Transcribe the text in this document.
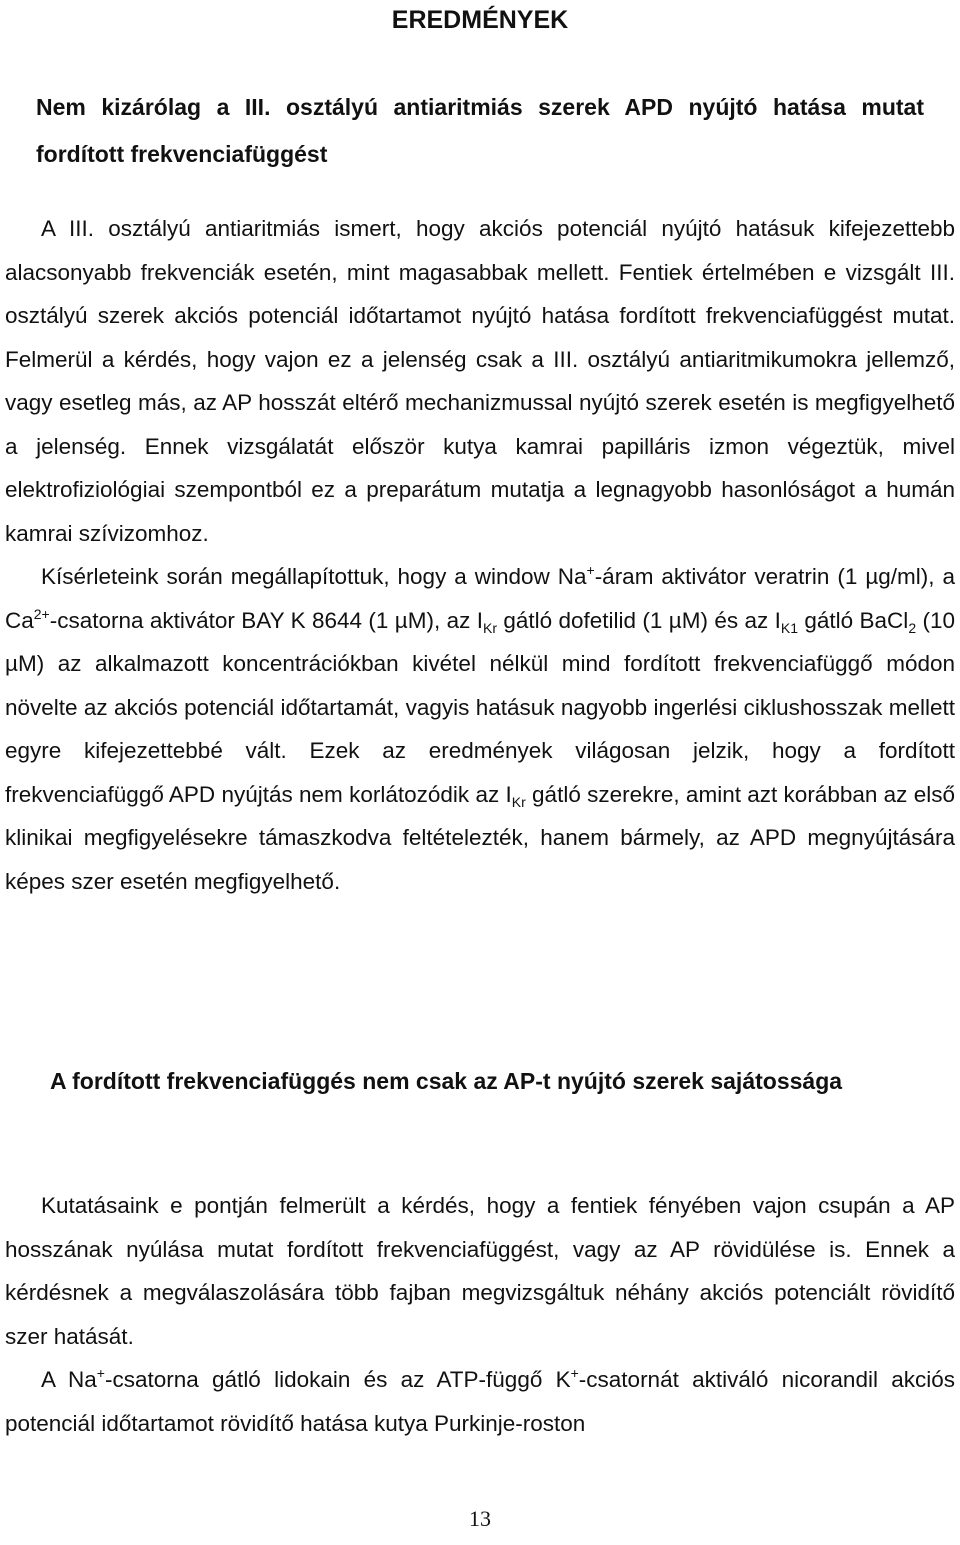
EREDMÉNYEK
Nem kizárólag a III. osztályú antiaritmiás szerek APD nyújtó hatása mutat fordított frekvenciafüggést
A III. osztályú antiaritmiás ismert, hogy akciós potenciál nyújtó hatásuk kifejezettebb alacsonyabb frekvenciák esetén, mint magasabbak mellett. Fentiek értelmében e vizsgált III. osztályú szerek akciós potenciál időtartamot nyújtó hatása fordított frekvenciafüggést mutat. Felmerül a kérdés, hogy vajon ez a jelenség csak a III. osztályú antiaritmikumokra jellemző, vagy esetleg más, az AP hosszát eltérő mechanizmussal nyújtó szerek esetén is megfigyelhető a jelenség. Ennek vizsgálatát először kutya kamrai papilláris izmon végeztük, mivel elektrofiziológiai szempontból ez a preparátum mutatja a legnagyobb hasonlóságot a humán kamrai szívizomhoz.
Kísérleteink során megállapítottuk, hogy a window Na+-áram aktivátor veratrin (1 µg/ml), a $Ca^{2+}$-csatorna aktivátor BAY K 8644 (1 µM), az $I_{Kr}$ gátló dofetilid (1 µM) és az $I_{K1}$ gátló BaCl$_2$ (10 µM) az alkalmazott koncentrációkban kivétel nélkül mind fordított frekvenciafüggő módon növelte az akciós potenciál időtartamát, vagyis hatásuk nagyobb ingerlési ciklushosszak mellett egyre kifejezettebbé vált. Ezek az eredmények világosan jelzik, hogy a fordított frekvenciafüggő APD nyújtás nem korlátozódik az $I_{Kr}$ gátló szerekre, amint azt korábban az első klinikai megfigyelésekre támaszkodva feltételezték, hanem bármely, az APD megnyújtására képes szer esetén megfigyelhető.
A fordított frekvenciafüggés nem csak az AP-t nyújtó szerek sajátossága
Kutatásaink e pontján felmerült a kérdés, hogy a fentiek fényében vajon csupán a AP hosszának nyúlása mutat fordított frekvenciafüggést, vagy az AP rövidülése is. Ennek a kérdésnek a megválaszolására több fajban megvizsgáltuk néhány akciós potenciált rövidítő szer hatását.
A Na+-csatorna gátló lidokain és az ATP-függő K+-csatornát aktiváló nicorandil akciós potenciál időtartamot rövidítő hatása kutya Purkinje-roston
13
